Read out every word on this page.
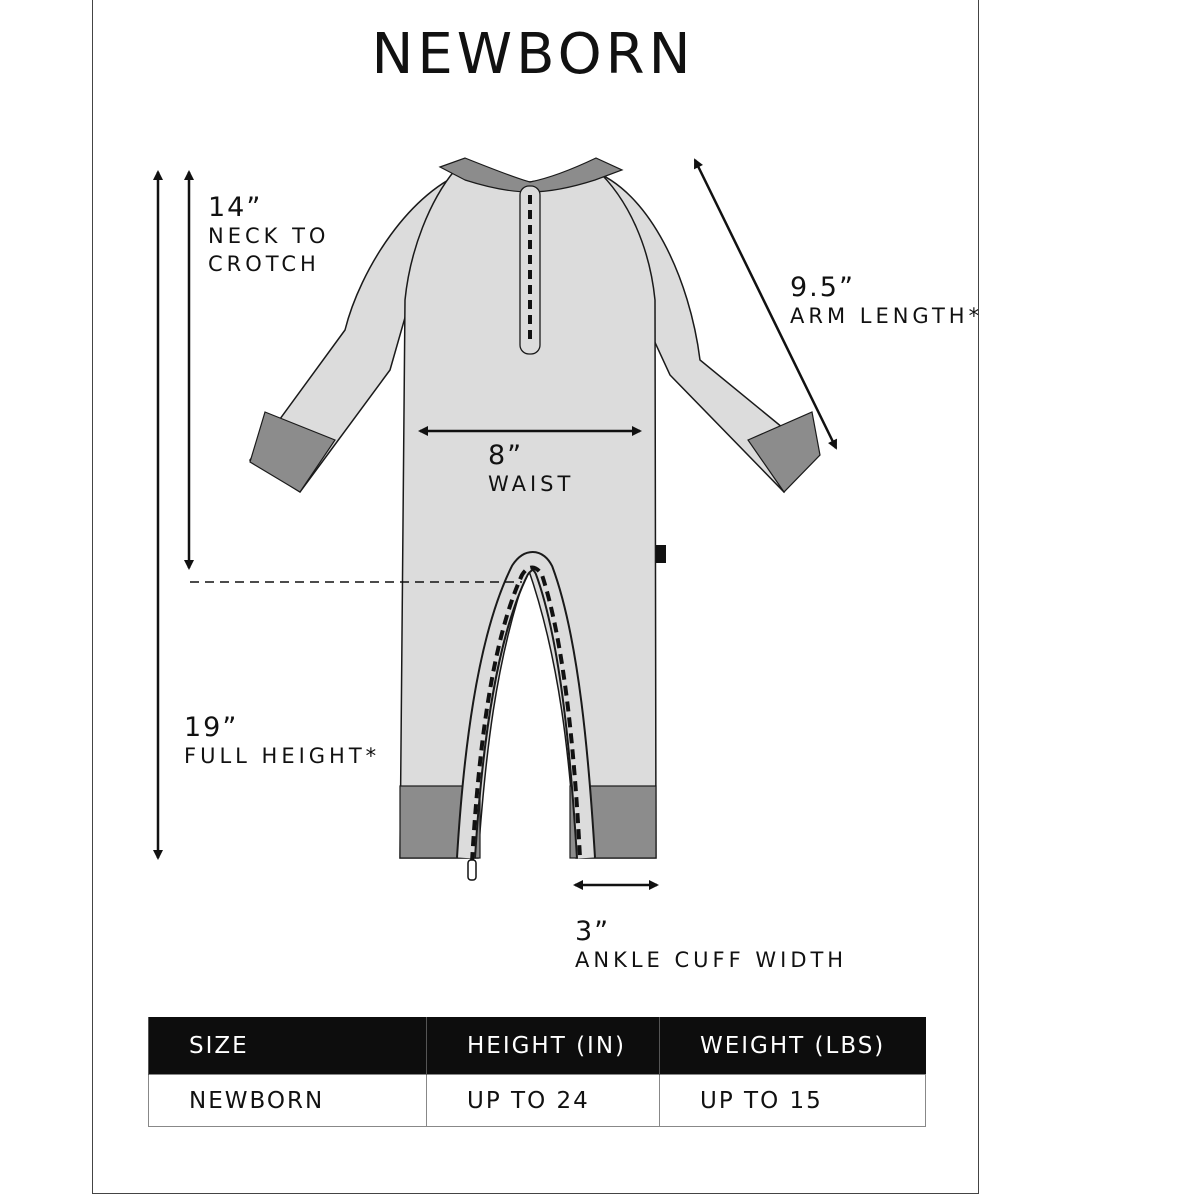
NEWBORN
14”
NECK TO
CROTCH
9.5”
ARM LENGTH*
8”
WAIST
19”
FULL HEIGHT*
3”
ANKLE CUFF WIDTH
SIZE	HEIGHT (IN)	WEIGHT (LBS)
NEWBORN	UP TO 24	UP TO 15
